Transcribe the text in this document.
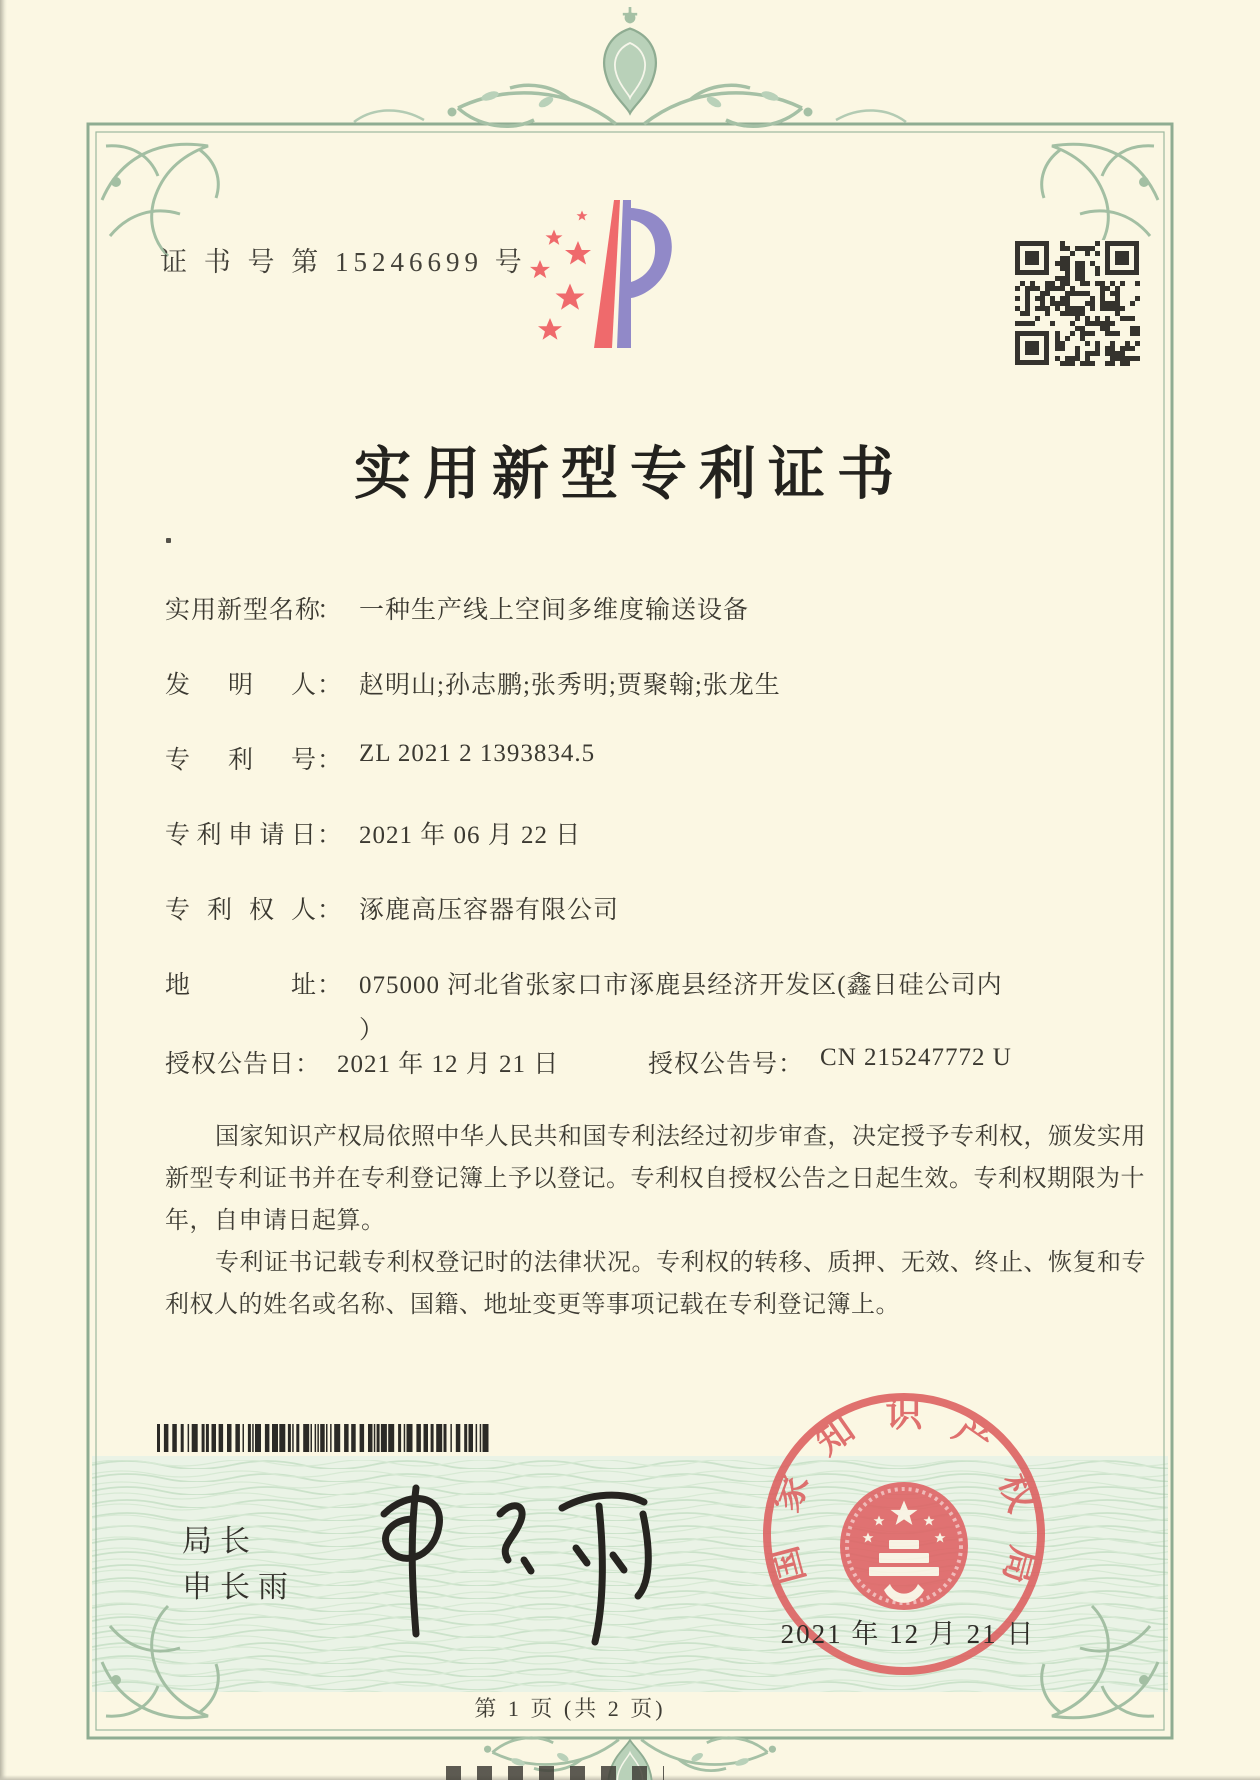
证 书 号 第 15246699 号
实用新型专利证书
实用新型名称
： 一种生产线上空间多维度输送设备
发明人 ： 赵明山;孙志鹏;张秀明;贾聚翰;张龙生
专利号 ： ZL 2021 2 1393834.5
专利申请日 ： 2021 年 06 月 22 日
专利权人 ： 涿鹿高压容器有限公司
地址 ： 075000 河北省张家口市涿鹿县经济开发区(鑫日硅公司内
）
授权公告日 ： 2021 年 12 月 21 日	授权公告号 ： CN 215247772 U
国家知识产权局依照中华人民共和国专利法经过初步审查，决定授予专利权，颁发实用
新型专利证书并在专利登记簿上予以登记。专利权自授权公告之日起生效。专利权期限为十
年，自申请日起算。
专利证书记载专利权登记时的法律状况。专利权的转移、质押、无效、终止、恢复和专
利权人的姓名或名称、国籍、地址变更等事项记载在专利登记簿上。
局长
申长雨	国
家
知 识 产
权
局
2021 年 12 月 21 日
第 1 页 (共 2 页)
